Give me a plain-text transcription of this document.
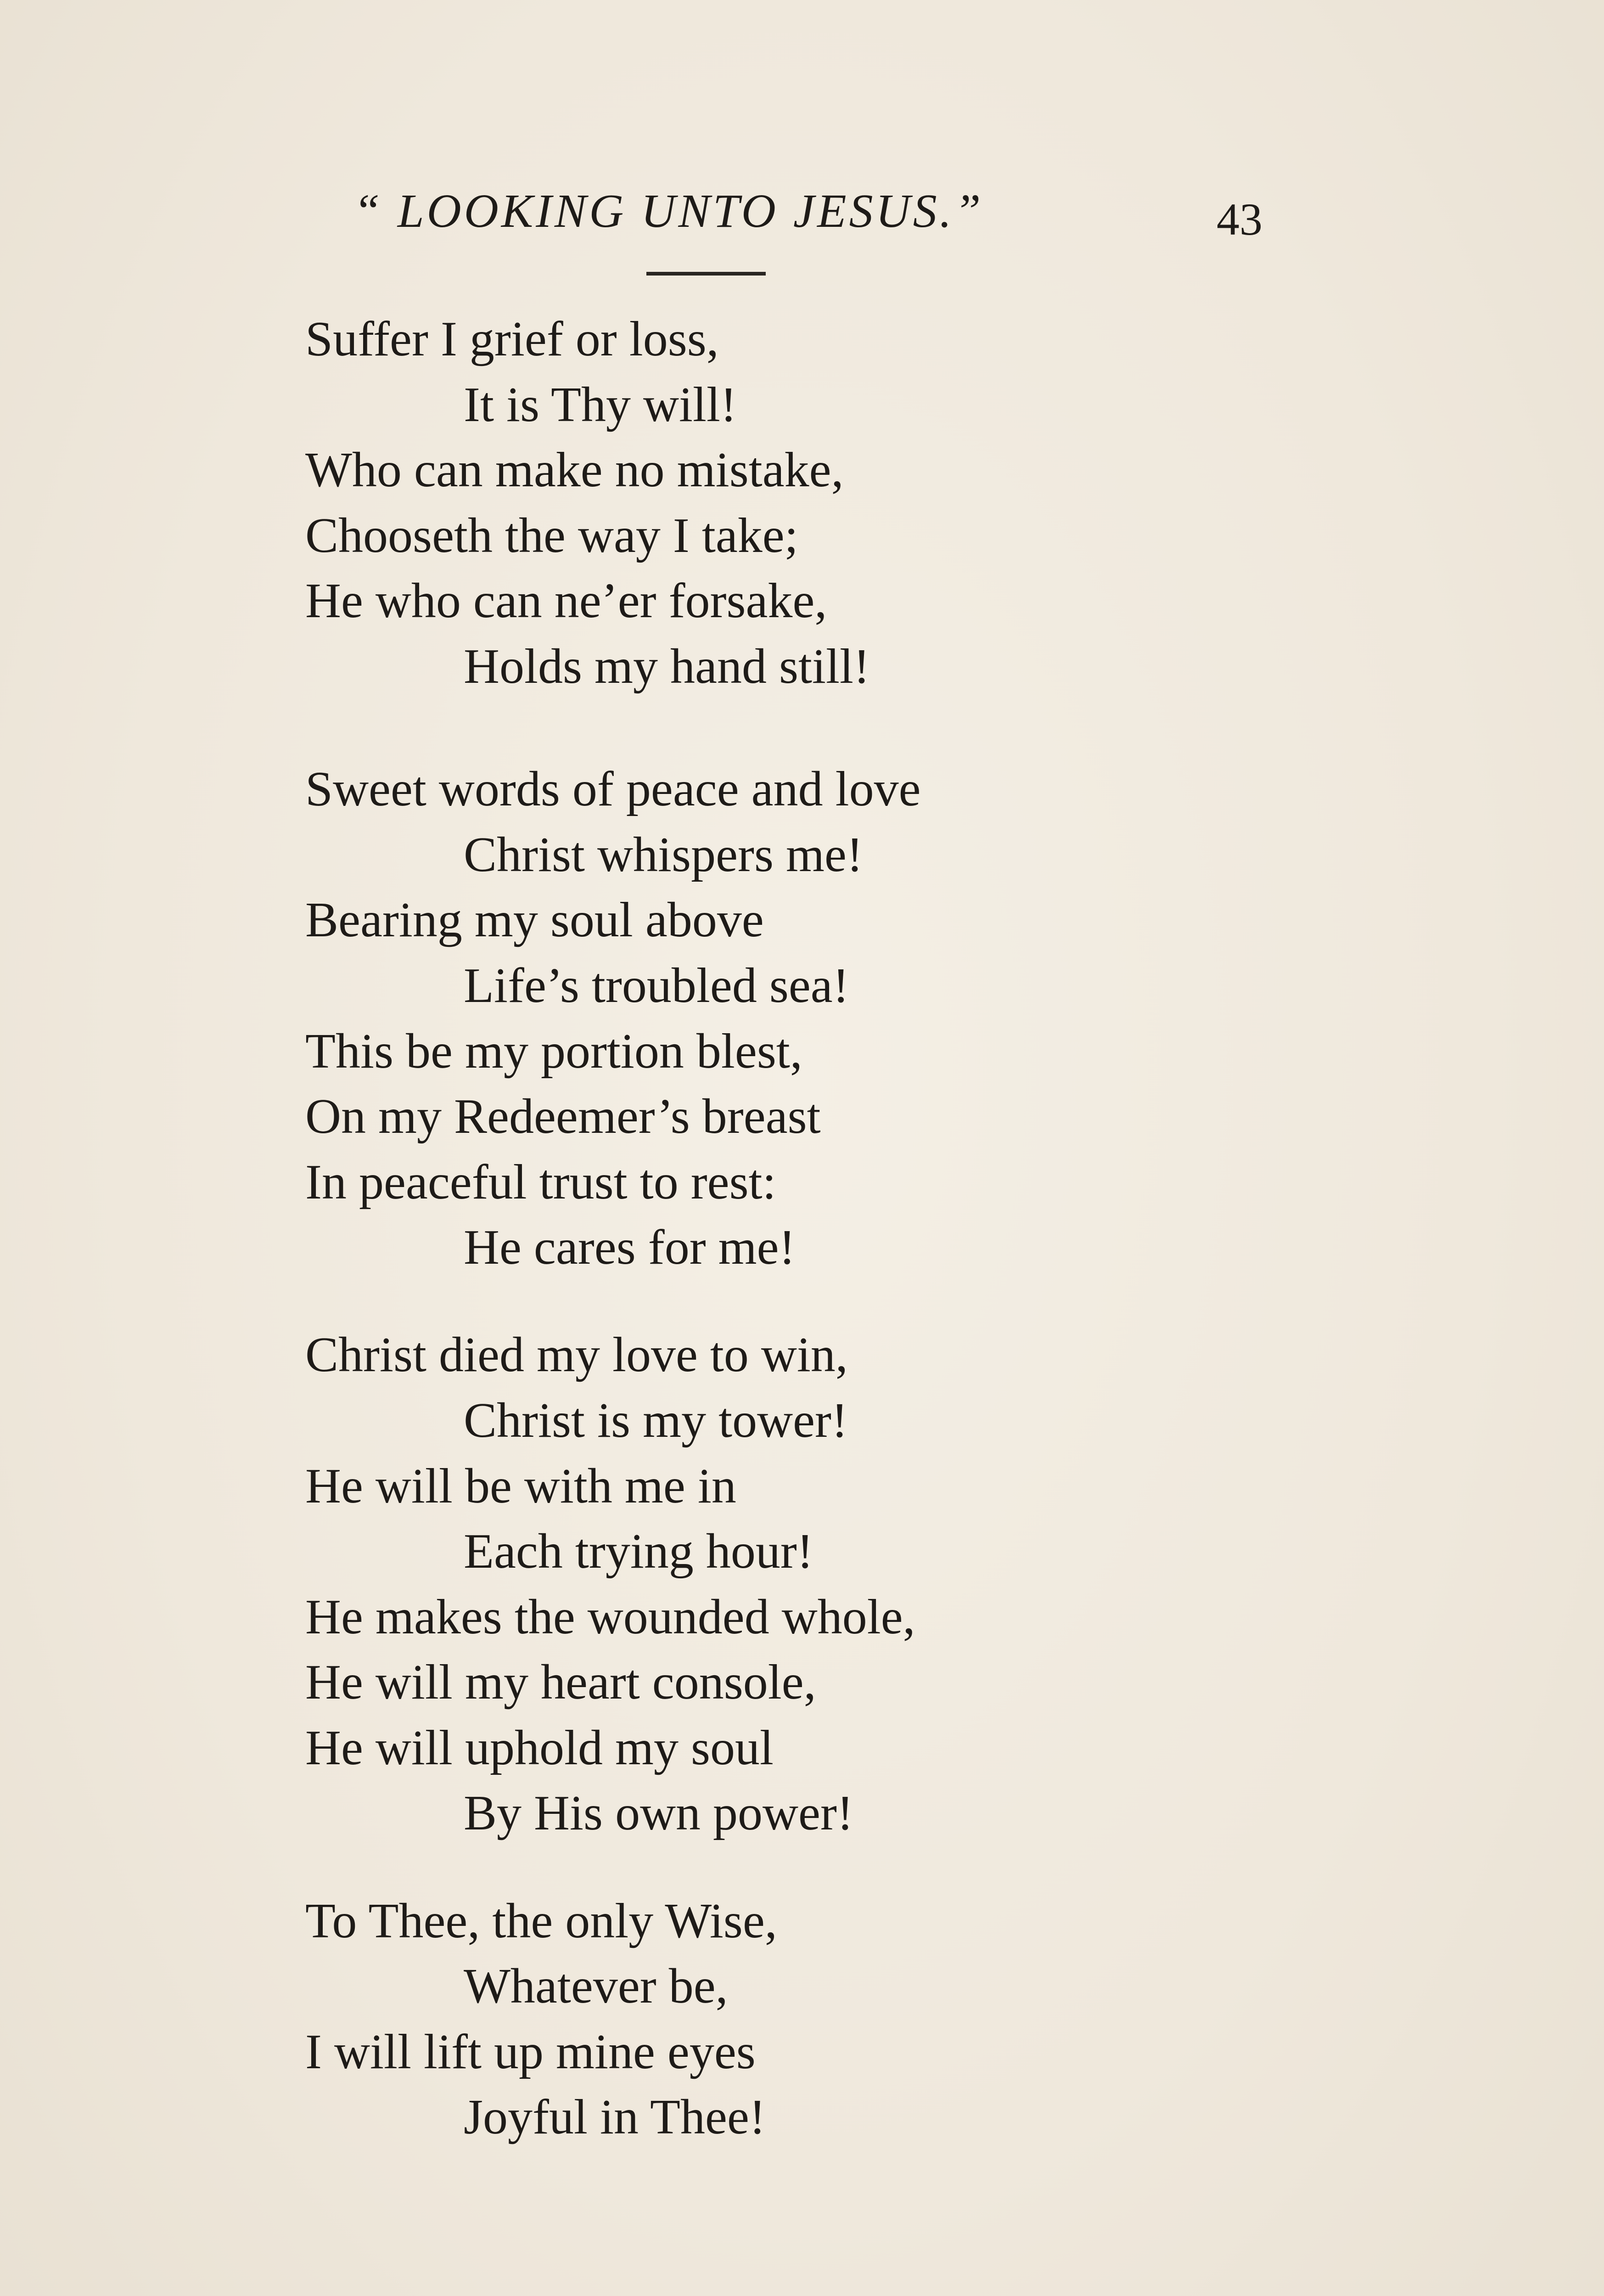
“ LOOKING UNTO JESUS.”	43
Suffer I grief or loss,
It is Thy will!
Who can make no mistake,
Chooseth the way I take;
He who can ne’er forsake,
Holds my hand still!
Sweet words of peace and love
Christ whispers me!
Bearing my soul above
Life’s troubled sea!
This be my portion blest,
On my Redeemer’s breast
In peaceful trust to rest:
He cares for me!
Christ died my love to win,
Christ is my tower!
He will be with me in
Each trying hour!
He makes the wounded whole,
He will my heart console,
He will uphold my soul
By His own power!
To Thee, the only Wise,
Whatever be,
I will lift up mine eyes
Joyful in Thee!
